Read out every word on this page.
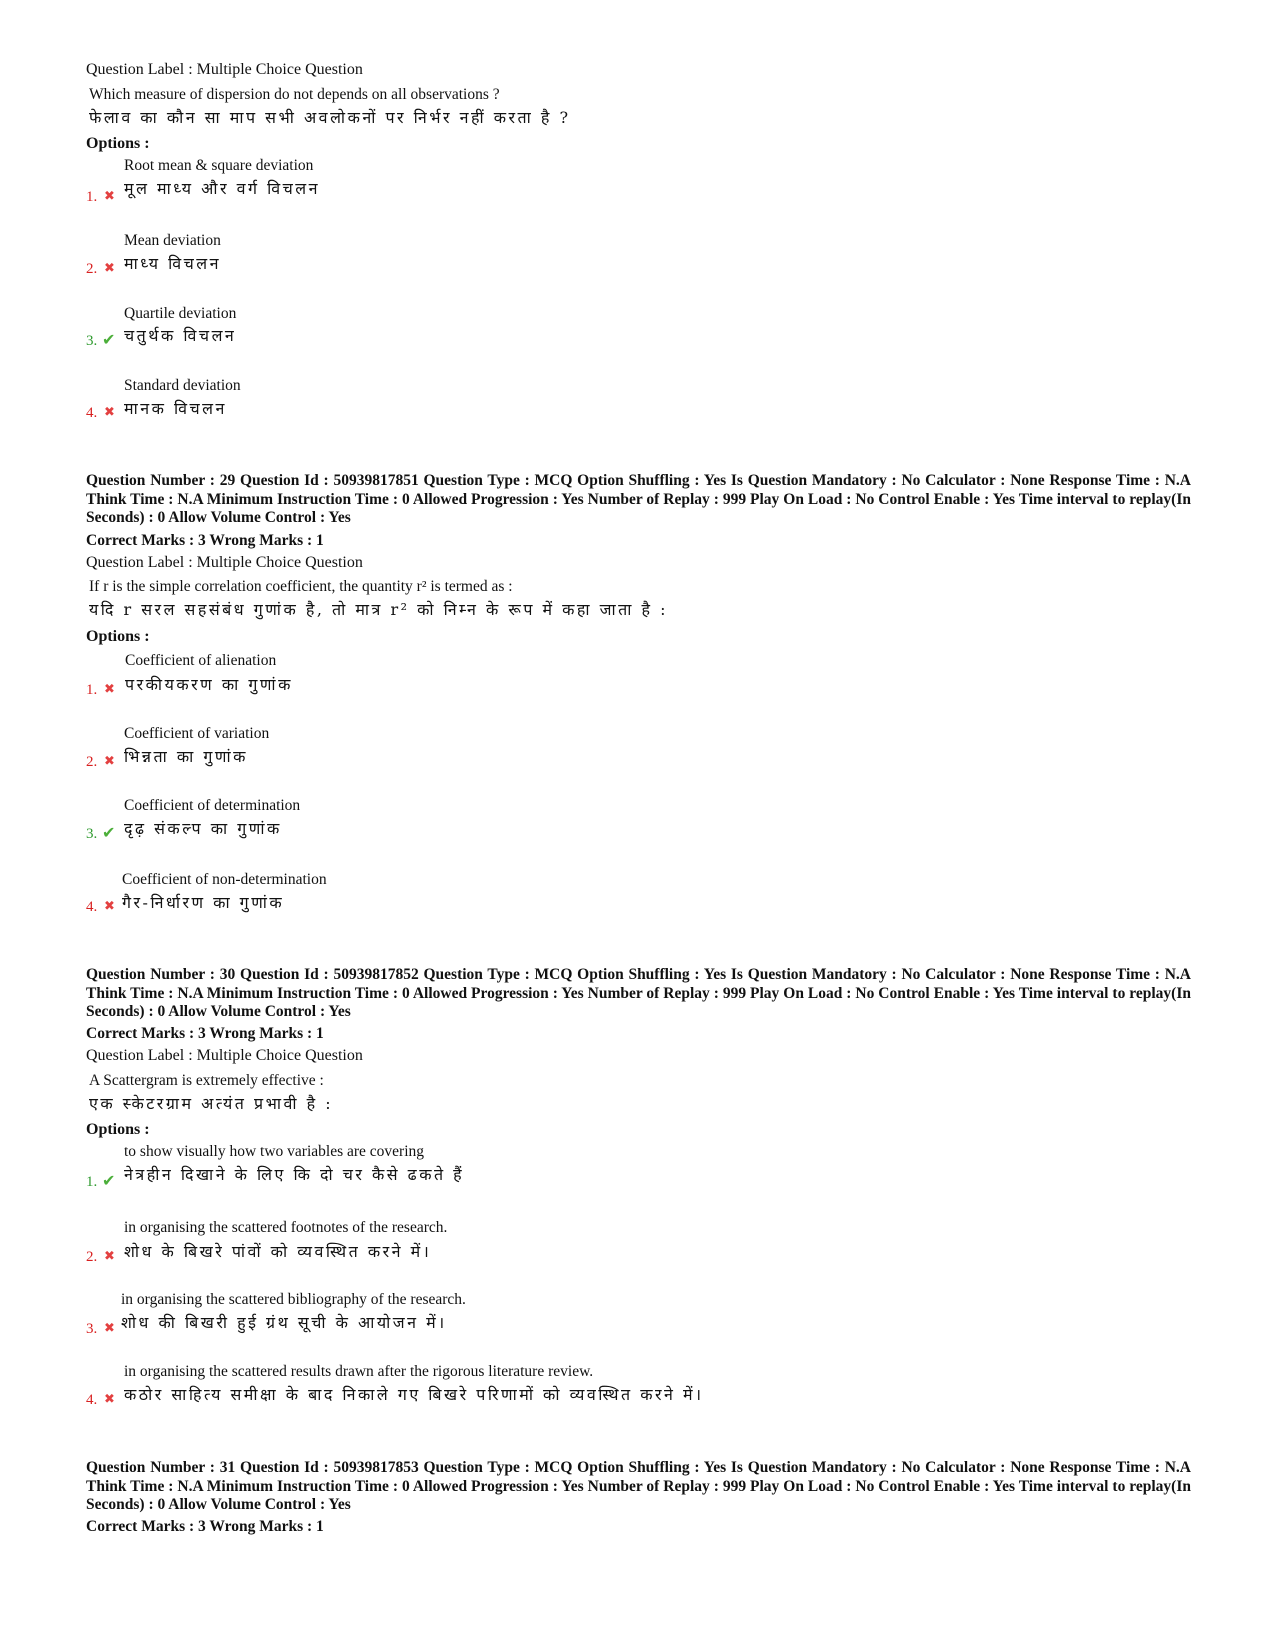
Question Label : Multiple Choice Question
Which measure of dispersion do not depends on all observations ?
फेलाव का कौन सा माप सभी अवलोकनों पर निर्भर नहीं करता है ?
Options :
Root mean & square deviation
मूल माध्य और वर्ग विचलन
1. ✖
Mean deviation
माध्य विचलन
2. ✖
Quartile deviation
चतुर्थक विचलन
3. ✔
Standard deviation
मानक विचलन
4. ✖
Question Number : 29 Question Id : 50939817851 Question Type : MCQ Option Shuffling : Yes Is Question Mandatory : No Calculator : None Response Time : N.A Think Time : N.A Minimum Instruction Time : 0 Allowed Progression : Yes Number of Replay : 999 Play On Load : No Control Enable : Yes Time interval to replay(In Seconds) : 0 Allow Volume Control : Yes
Correct Marks : 3 Wrong Marks : 1
Question Label : Multiple Choice Question
If r is the simple correlation coefficient, the quantity r² is termed as :
यदि r सरल सहसंबंध गुणांक है, तो मात्र r² को निम्न के रूप में कहा जाता है :
Options :
Coefficient of alienation
परकीयकरण का गुणांक
1. ✖
Coefficient of variation
भिन्नता का गुणांक
2. ✖
Coefficient of determination
दृढ़ संकल्प का गुणांक
3. ✔
Coefficient of non-determination
गैर-निर्धारण का गुणांक
4. ✖
Question Number : 30 Question Id : 50939817852 Question Type : MCQ Option Shuffling : Yes Is Question Mandatory : No Calculator : None Response Time : N.A Think Time : N.A Minimum Instruction Time : 0 Allowed Progression : Yes Number of Replay : 999 Play On Load : No Control Enable : Yes Time interval to replay(In Seconds) : 0 Allow Volume Control : Yes
Correct Marks : 3 Wrong Marks : 1
Question Label : Multiple Choice Question
A Scattergram is extremely effective :
एक स्केटरग्राम अत्यंत प्रभावी है :
Options :
to show visually how two variables are covering
नेत्रहीन दिखाने के लिए कि दो चर कैसे ढकते हैं
1. ✔
in organising the scattered footnotes of the research.
शोध के बिखरे पांवों को व्यवस्थित करने में।
2. ✖
in organising the scattered bibliography of the research.
शोध की बिखरी हुई ग्रंथ सूची के आयोजन में।
3. ✖
in organising the scattered results drawn after the rigorous literature review.
कठोर साहित्य समीक्षा के बाद निकाले गए बिखरे परिणामों को व्यवस्थित करने में।
4. ✖
Question Number : 31 Question Id : 50939817853 Question Type : MCQ Option Shuffling : Yes Is Question Mandatory : No Calculator : None Response Time : N.A Think Time : N.A Minimum Instruction Time : 0 Allowed Progression : Yes Number of Replay : 999 Play On Load : No Control Enable : Yes Time interval to replay(In Seconds) : 0 Allow Volume Control : Yes
Correct Marks : 3 Wrong Marks : 1
